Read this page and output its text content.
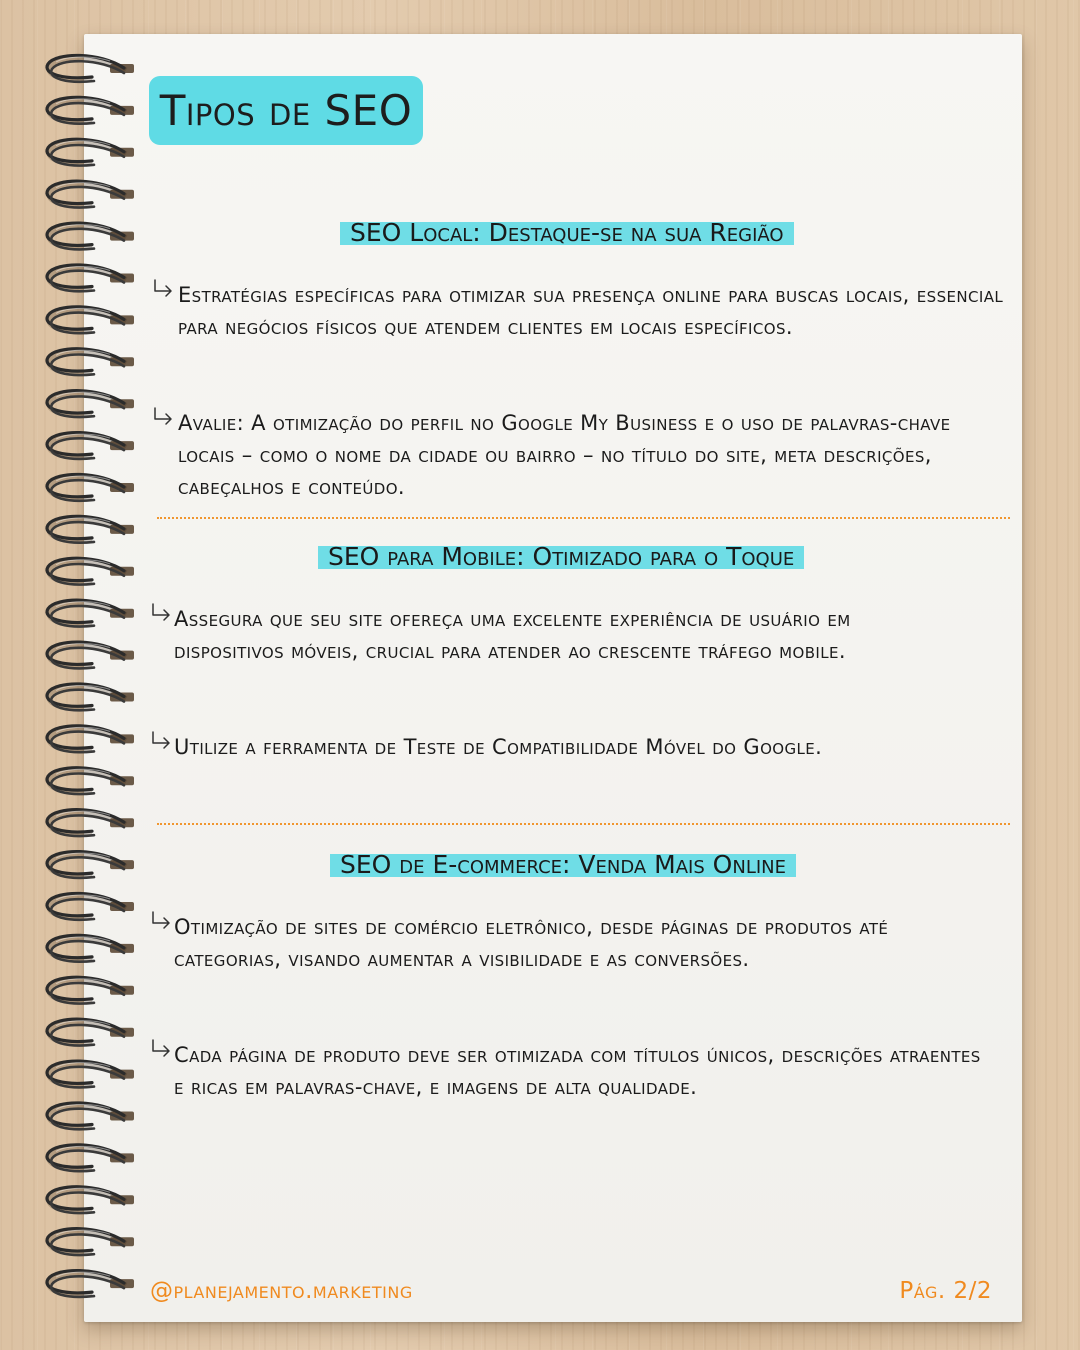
Tipos de SEO
SEO Local: Destaque-se na sua Região
Estratégias específicas para otimizar sua presença online para buscas locais, essencial para negócios físicos que atendem clientes em locais específicos.
Avalie: A otimização do perfil no Google My Business e o uso de palavras-chave locais – como o nome da cidade ou bairro – no título do site, meta descrições, cabeçalhos e conteúdo.
SEO para Mobile: Otimizado para o Toque
Assegura que seu site ofereça uma excelente experiência de usuário em dispositivos móveis, crucial para atender ao crescente tráfego mobile.
Utilize a ferramenta de Teste de Compatibilidade Móvel do Google.
SEO de E-commerce: Venda Mais Online
Otimização de sites de comércio eletrônico, desde páginas de produtos até categorias, visando aumentar a visibilidade e as conversões.
Cada página de produto deve ser otimizada com títulos únicos, descrições atraentes e ricas em palavras-chave, e imagens de alta qualidade.
@planejamento.marketing	Pág. 2/2
